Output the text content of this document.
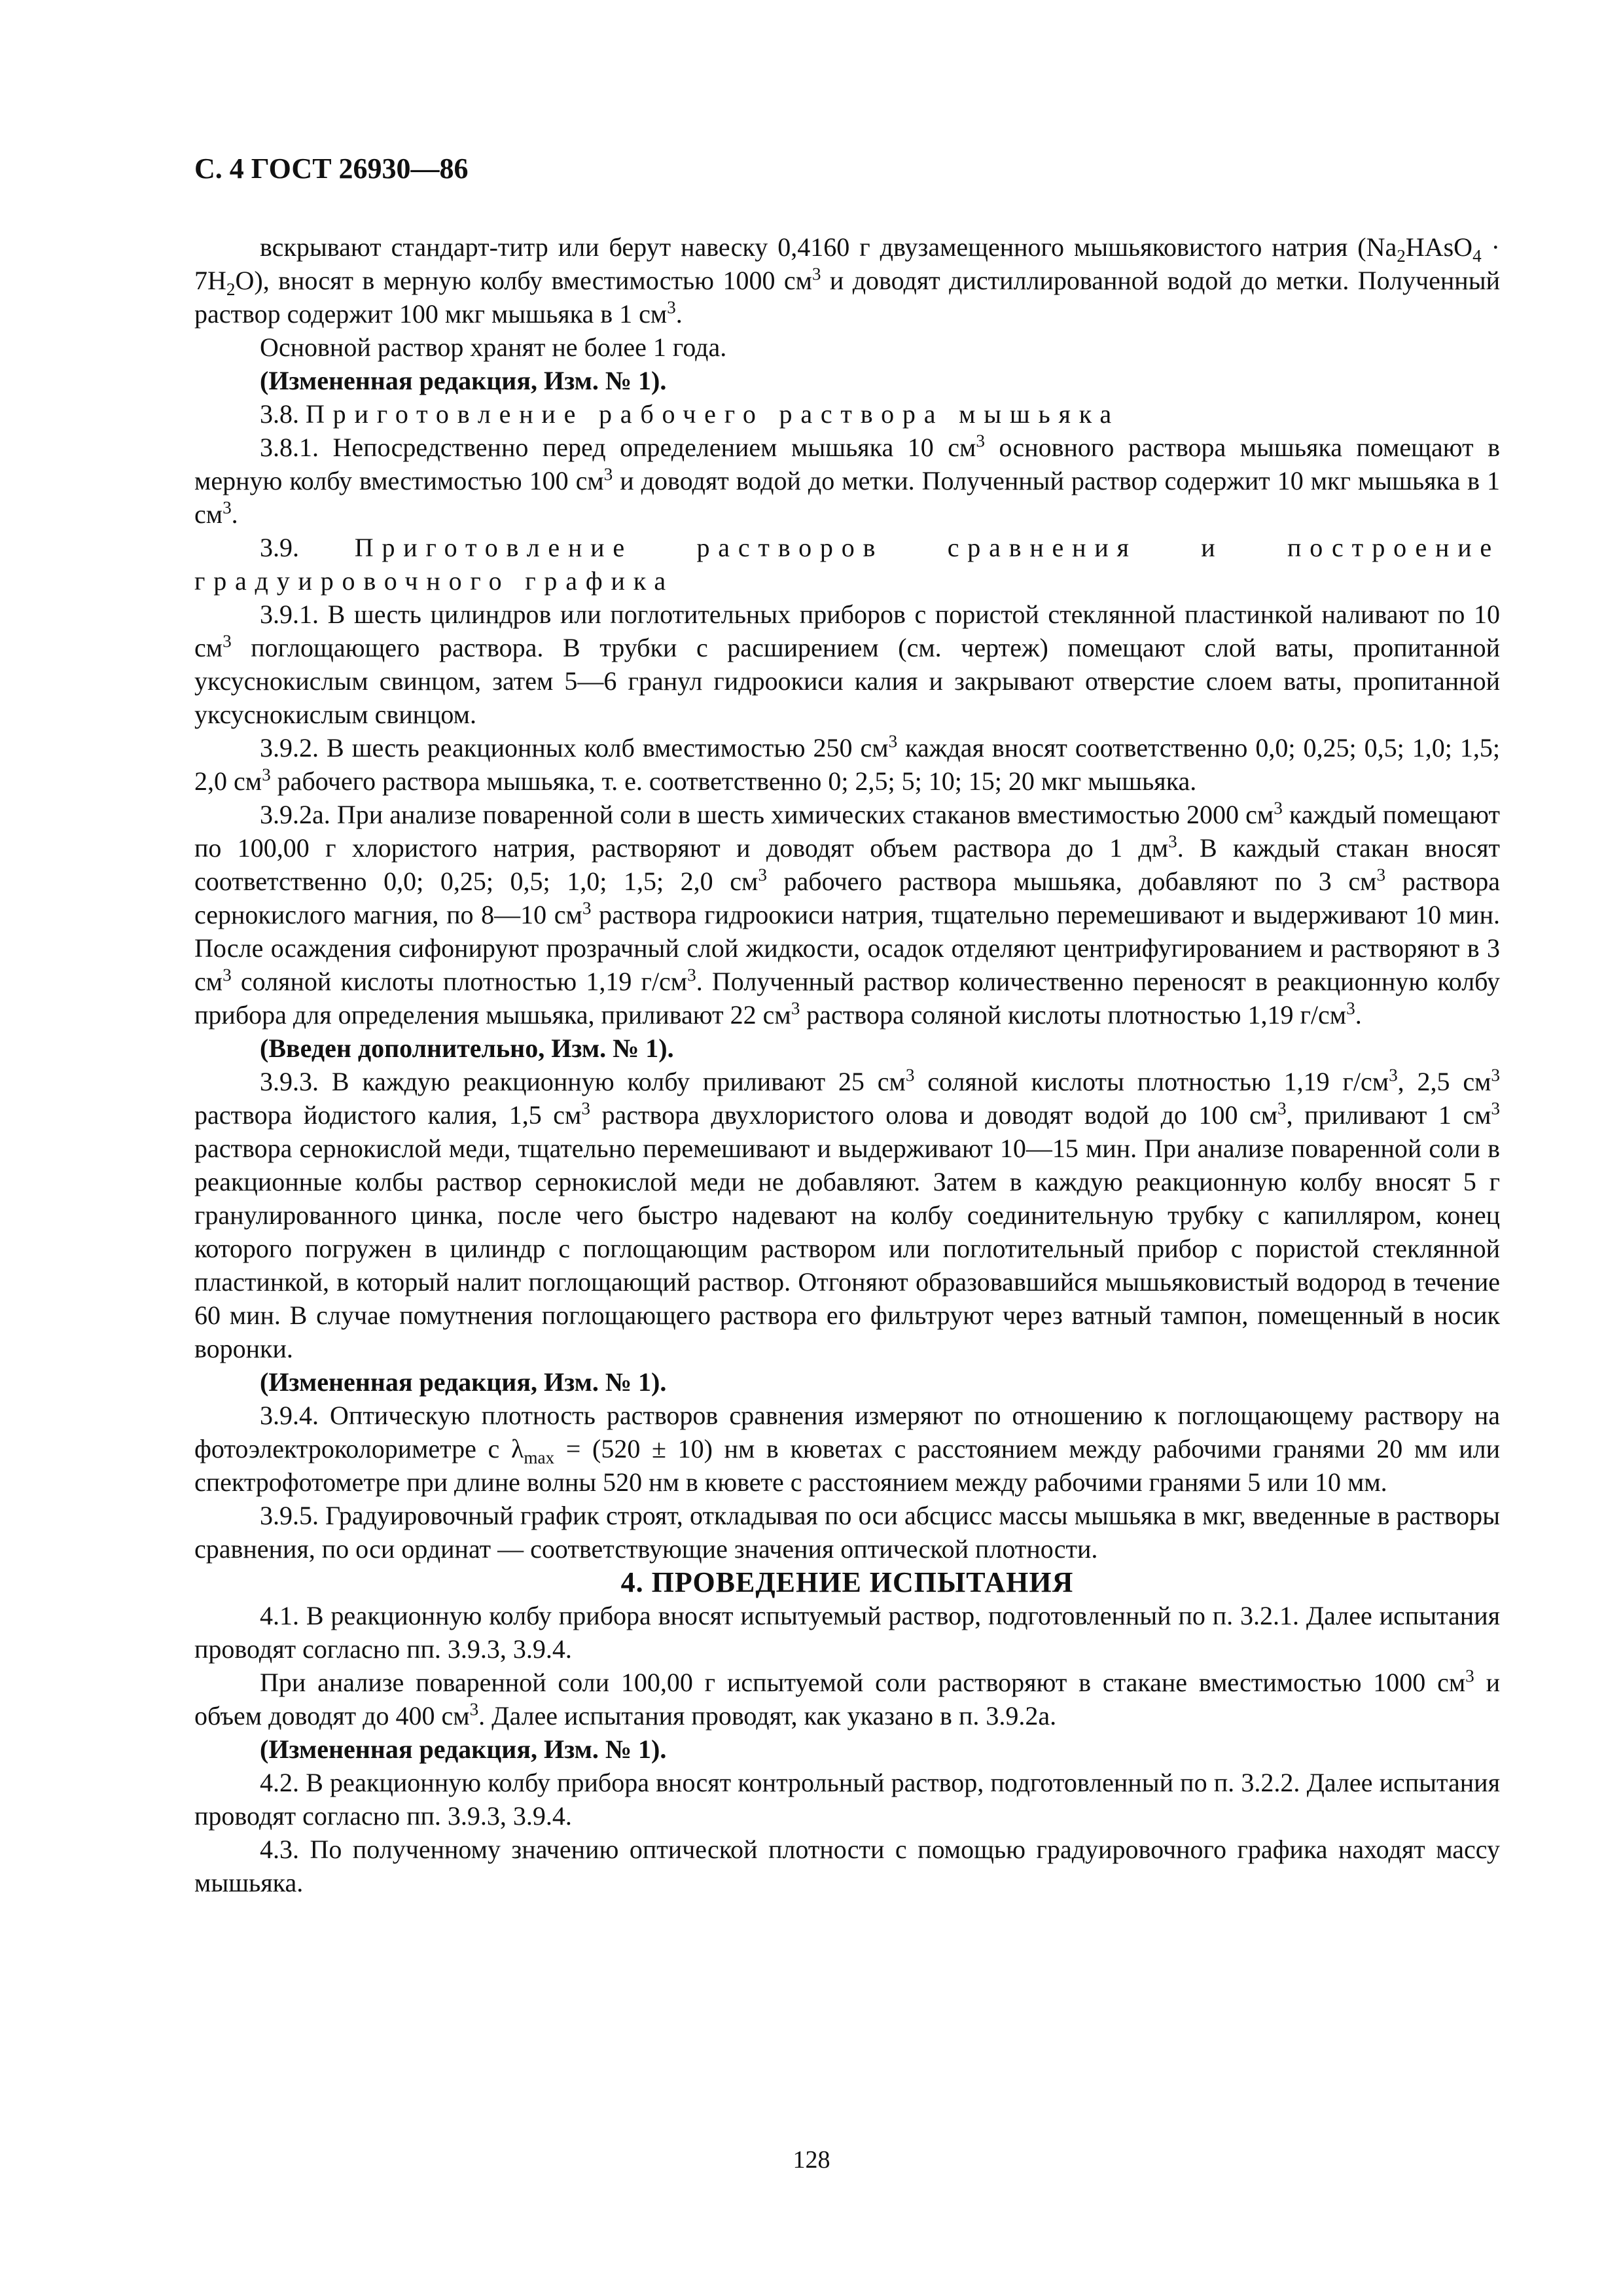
С. 4 ГОСТ 26930—86

вскрывают стандарт-титр или берут навеску 0,4160 г двузамещенного мышьяковистого натрия $(Na_2HAsO_4 \cdot 7H_2O)$, вносят в мерную колбу вместимостью 1000 $см^3$ и доводят дистиллированной водой до метки. Полученный раствор содержит 100 мкг мышьяка в 1 $см^3$.

Основной раствор хранят не более 1 года.

(Измененная редакция, Изм. № 1).

3.8. Приготовление рабочего раствора мышьяка

3.8.1. Непосредственно перед определением мышьяка 10 $см^3$ основного раствора мышьяка помещают в мерную колбу вместимостью 100 $см^3$ и доводят водой до метки. Полученный раствор содержит 10 мкг мышьяка в 1 $см^3$.

3.9. Приготовление растворов сравнения и построение градуировочного графика

3.9.1. В шесть цилиндров или поглотительных приборов с пористой стеклянной пластинкой наливают по 10 $см^3$ поглощающего раствора. В трубки с расширением (см. чертеж) помещают слой ваты, пропитанной уксуснокислым свинцом, затем 5—6 гранул гидроокиси калия и закрывают отверстие слоем ваты, пропитанной уксуснокислым свинцом.

3.9.2. В шесть реакционных колб вместимостью 250 $см^3$ каждая вносят соответственно 0,0; 0,25; 0,5; 1,0; 1,5; 2,0 $см^3$ рабочего раствора мышьяка, т. е. соответственно 0; 2,5; 5; 10; 15; 20 мкг мышьяка.

3.9.2а. При анализе поваренной соли в шесть химических стаканов вместимостью 2000 $см^3$ каждый помещают по 100,00 г хлористого натрия, растворяют и доводят объем раствора до 1 $дм^3$. В каждый стакан вносят соответственно 0,0; 0,25; 0,5; 1,0; 1,5; 2,0 $см^3$ рабочего раствора мышьяка, добавляют по 3 $см^3$ раствора сернокислого магния, по 8—10 $см^3$ раствора гидроокиси натрия, тщательно перемешивают и выдерживают 10 мин. После осаждения сифонируют прозрачный слой жидкости, осадок отделяют центрифугированием и растворяют в 3 $см^3$ соляной кислоты плотностью 1,19 $г/см^3$. Полученный раствор количественно переносят в реакционную колбу прибора для определения мышьяка, приливают 22 $см^3$ раствора соляной кислоты плотностью 1,19 $г/см^3$.

(Введен дополнительно, Изм. № 1).

3.9.3. В каждую реакционную колбу приливают 25 $см^3$ соляной кислоты плотностью 1,19 $г/см^3$, 2,5 $см^3$ раствора йодистого калия, 1,5 $см^3$ раствора двухлористого олова и доводят водой до 100 $см^3$, приливают 1 $см^3$ раствора сернокислой меди, тщательно перемешивают и выдерживают 10—15 мин. При анализе поваренной соли в реакционные колбы раствор сернокислой меди не добавляют. Затем в каждую реакционную колбу вносят 5 г гранулированного цинка, после чего быстро надевают на колбу соединительную трубку с капилляром, конец которого погружен в цилиндр с поглощающим раствором или поглотительный прибор с пористой стеклянной пластинкой, в который налит поглощающий раствор. Отгоняют образовавшийся мышьяковистый водород в течение 60 мин. В случае помутнения поглощающего раствора его фильтруют через ватный тампон, помещенный в носик воронки.

(Измененная редакция, Изм. № 1).

3.9.4. Оптическую плотность растворов сравнения измеряют по отношению к поглощающему раствору на фотоэлектроколориметре с $\lambda_{max} = (520 \pm 10)$ нм в кюветах с расстоянием между рабочими гранями 20 мм или спектрофотометре при длине волны 520 нм в кювете с расстоянием между рабочими гранями 5 или 10 мм.

3.9.5. Градуировочный график строят, откладывая по оси абсцисс массы мышьяка в мкг, введенные в растворы сравнения, по оси ординат — соответствующие значения оптической плотности.

4. ПРОВЕДЕНИЕ ИСПЫТАНИЯ

4.1. В реакционную колбу прибора вносят испытуемый раствор, подготовленный по п. 3.2.1. Далее испытания проводят согласно пп. 3.9.3, 3.9.4.

При анализе поваренной соли 100,00 г испытуемой соли растворяют в стакане вместимостью 1000 $см^3$ и объем доводят до 400 $см^3$. Далее испытания проводят, как указано в п. 3.9.2а.

(Измененная редакция, Изм. № 1).

4.2. В реакционную колбу прибора вносят контрольный раствор, подготовленный по п. 3.2.2. Далее испытания проводят согласно пп. 3.9.3, 3.9.4.

4.3. По полученному значению оптической плотности с помощью градуировочного графика находят массу мышьяка.

128
